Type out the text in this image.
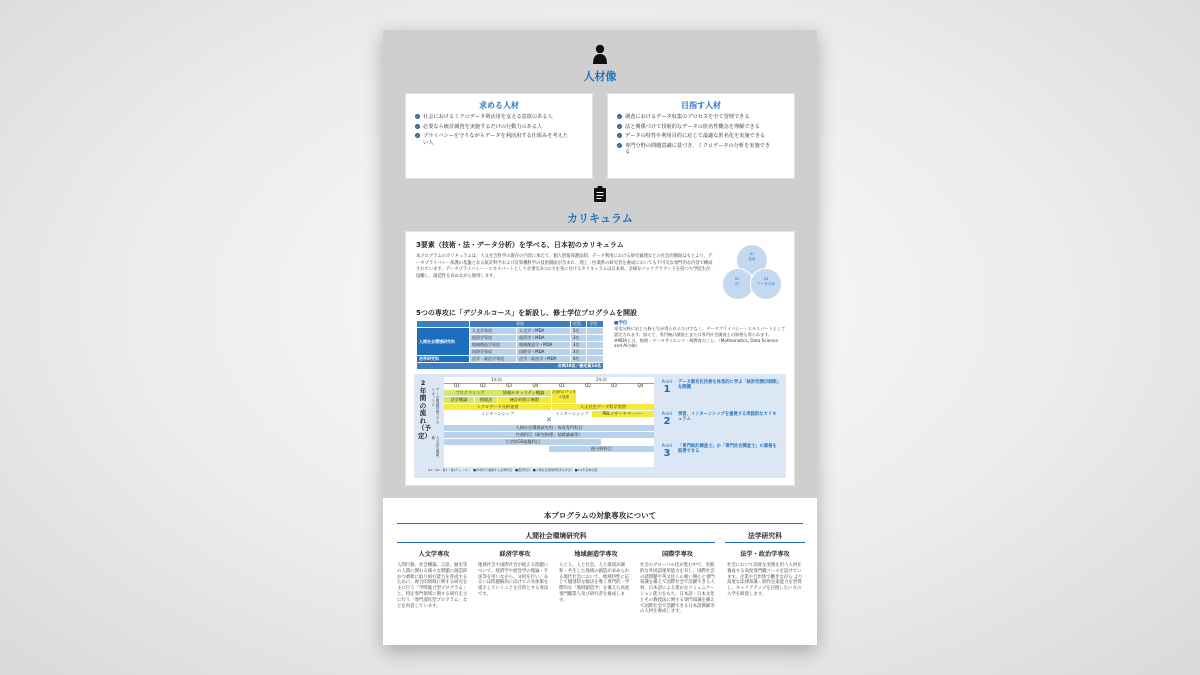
人材像
求める人材
✓ 社会におけるミクロデータ利活用を支える意欲のある人
✓ 必要なら統計調査を実施するだけの行動力のある人
✓ プライバシーを守りながらデータを利活用する仕組みを考えたい人
目指す人材
✓ 調査におけるデータ収集のプロセスを全て管理できる
✓ 法と関係づけて技術的なデータの匿名性概念を理解できる
✓ データの特性や利用目的に応じて最適な匿名化を実施できる
✓ 専門分野の問題意識に基づき、ミクロデータの分析を実施できる
カリキュラム
3要素（技術・法・データ分析）を学べる、日本初のカリキュラム
本プログラムのカリキュラムは、人文社会科学の既存の内容に加えて、個人情報保護法制、データ利用における研究倫理などの社会的側面はもとより、データプライバシー保護の基盤となる統計科学および計算機科学の技術側面が含まれ、理工・医薬系の研究者を養成においても不可欠な専門的な内容で構成されています。データプライバシー・エキスパートとして必要な3つの力を身に付けるカリキュラムは日本初。多様なバックグラウンドを持つ大学院生が協働し、創造性を高めながら修得します。
01
技術
02
法
03
データ分析
5つの専攻に「デジタルコース」を新設し、修士学位プログラムを開設
	専攻		定員	学位
人間社会環境研究科	人文学専攻	人文学＋MDA	3名	
	経済学専攻	経済学＋MDA	3名	
	地域創造学専攻	地域創造学＋MDA	3名	
	国際学専攻	国際学＋MDA	3名	
法学研究科	法学・政治学専攻	法学・政治学＋MDA	4名	
年間10名／修定員16名				
■学位
専攻分野に応じた修士号が得られるだけでなく、データプライバシー・エキスパートとして認定されます。加えて、専門統計調査士または専門社会調査士の資格も得られます。
※MDAとは、数理・データサイエンス・AI教育のこと。（Mathematics, Data Science and AIの略）
2年間の流れ（予定）
データ関連技術コアカリキュラム
人文社会専門系
1年次	2年次
Q1	Q2	Q3	Q4	Q1	Q2	Q3	Q4
プログラミング	情報セキュリティ概論
法学概論	情報法	統計的開示制限
次世代のデジタル技術
ミクロデータ分析実習	人文社会データ科学実習
インターンシップ	インターンシップ	PBLリサーチペーパー
✕
人間社会環境研究科・専攻専門科目
共通科目（研究指導、基礎講義等）
大学院GS基盤科目
他分野科目
Q1〜Q4：第1〜第4クォーター　■多専攻で連携する必修科目　■選択科目　■人間社会環境研究科の科目　■1.2年目単位数
Point
1
データ匿名化技術を体系的に学ぶ「統計的開示制限」を開講
Point
2
実習、インターンシップを重視する実践的なカリキュラム
Point
3
「専門統計調査士」か「専門社会調査士」の資格を取得できる
本プログラムの対象専攻について
人間社会環境研究科	法学研究科
人文学専攻

人間行動、社会構築、言語、歴史等の人間に関わる様々な問題に創造的かつ柔軟に取り組む能力を育成するために、複合的領域に関する研究を主に行う「学際総合型プログラム」と、特定専門領域に関する研究を主に行う「専門深化型プログラム」などを用意しています。

経済学専攻

地域社会や国際社会が抱える問題について、経済学や経営学の理論・手法等を用いながら、分析を行い、あるいは問題解決に向けての具体策を提示していくことを目的とする専攻です。

地域創造学専攻

人と人、人と社会、人と環境が調和・共生した地域の創造が求められる現代社会において、地域特性に応じて個別的な解決を導く専門的・学際的な「地域創造学」を備えた高度専門職業人及び研究者を養成します。

国際学専攻

社会のグローバル化が進む中で、実践的な外国語運用能力を有し、国際社会の諸問題や英文化への強い関心と専門知識を備えて国際社会で活躍できる人材、日本語による豊かなコミュニケーション能力をもち、日本語・日本文化とその教授法に関する専門知識を備えて国際社会で活躍できる日本語教師等の人材を養成します。

法学・政治学専攻

社会において高度な実務を担う人材を養成する高度専門職コースを設けています。企業や自治体で働きながら より高度な法律知識・制作企案能力を習得し、キャリアアップを目指したい方の入学を歓迎します。
